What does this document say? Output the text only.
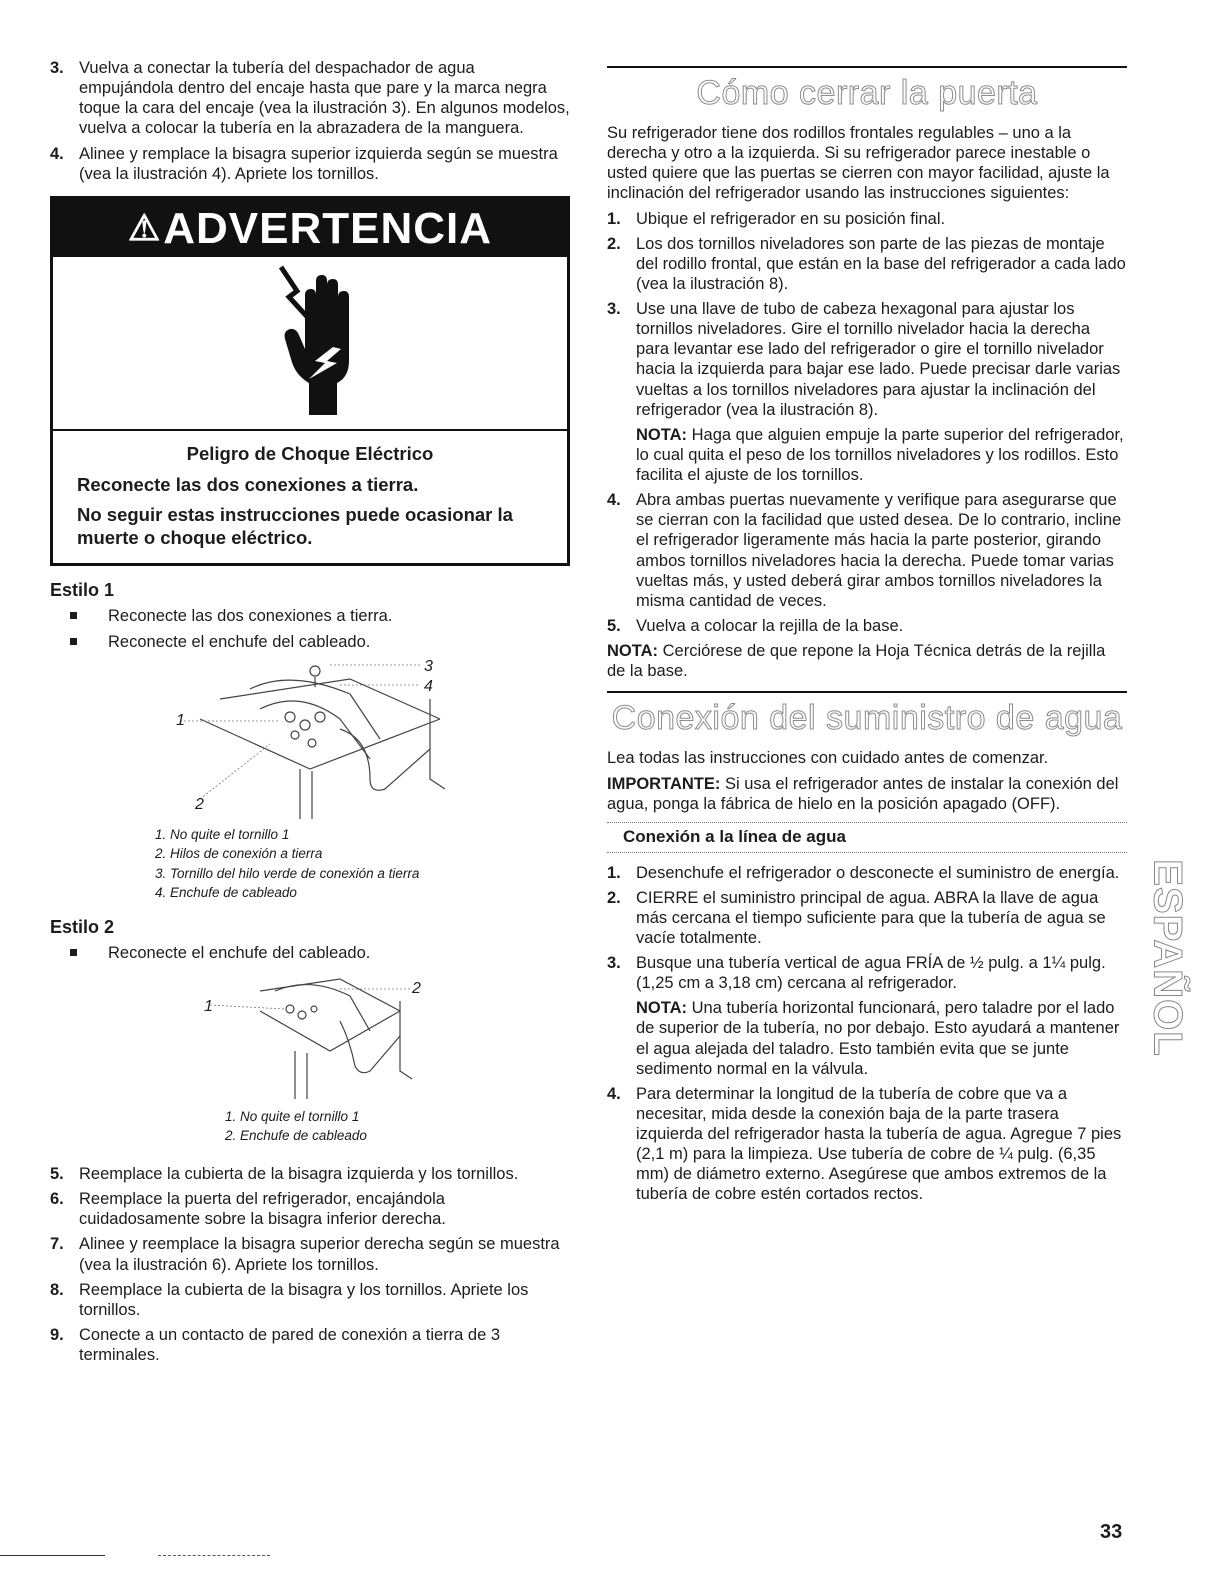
3. Vuelva a conectar la tubería del despachador de agua empujándola dentro del encaje hasta que pare y la marca negra toque la cara del encaje (vea la ilustración 3). En algunos modelos, vuelva a colocar la tubería en la abrazadera de la manguera.
4. Alinee y remplace la bisagra superior izquierda según se muestra (vea la ilustración 4). Apriete los tornillos.
⚠ADVERTENCIA
Peligro de Choque Eléctrico

Reconecte las dos conexiones a tierra.

No seguir estas instrucciones puede ocasionar la muerte o choque eléctrico.

Estilo 1
Reconecte las dos conexiones a tierra.
Reconecte el enchufe del cableado.
1
2
3
4
1. No quite el tornillo 1
2. Hilos de conexión a tierra
3. Tornillo del hilo verde de conexión a tierra
4. Enchufe de cableado
Estilo 2
Reconecte el enchufe del cableado.
1
2
1. No quite el tornillo 1
2. Enchufe de cableado
5. Reemplace la cubierta de la bisagra izquierda y los tornillos.
6. Reemplace la puerta del refrigerador, encajándola cuidadosamente sobre la bisagra inferior derecha.
7. Alinee y reemplace la bisagra superior derecha según se muestra (vea la ilustración 6). Apriete los tornillos.
8. Reemplace la cubierta de la bisagra y los tornillos. Apriete los tornillos.
9. Conecte a un contacto de pared de conexión a tierra de 3 terminales.
Cómo cerrar la puerta

Su refrigerador tiene dos rodillos frontales regulables – uno a la derecha y otro a la izquierda. Si su refrigerador parece inestable o usted quiere que las puertas se cierren con mayor facilidad, ajuste la inclinación del refrigerador usando las instrucciones siguientes:

1. Ubique el refrigerador en su posición final.
2. Los dos tornillos niveladores son parte de las piezas de montaje del rodillo frontal, que están en la base del refrigerador a cada lado (vea la ilustración 8).
3. Use una llave de tubo de cabeza hexagonal para ajustar los tornillos niveladores. Gire el tornillo nivelador hacia la derecha para levantar ese lado del refrigerador o gire el tornillo nivelador hacia la izquierda para bajar ese lado. Puede precisar darle varias vueltas a los tornillos niveladores para ajustar la inclinación del refrigerador (vea la ilustración 8).
NOTA: Haga que alguien empuje la parte superior del refrigerador, lo cual quita el peso de los tornillos niveladores y los rodillos. Esto facilita el ajuste de los tornillos.
4. Abra ambas puertas nuevamente y verifique para asegurarse que se cierran con la facilidad que usted desea. De lo contrario, incline el refrigerador ligeramente más hacia la parte posterior, girando ambos tornillos niveladores hacia la derecha. Puede tomar varias vueltas más, y usted deberá girar ambos tornillos niveladores la misma cantidad de veces.
5. Vuelva a colocar la rejilla de la base.

NOTA: Cerciórese de que repone la Hoja Técnica detrás de la rejilla de la base.

Conexión del suministro de agua

Lea todas las instrucciones con cuidado antes de comenzar.

IMPORTANTE: Si usa el refrigerador antes de instalar la conexión del agua, ponga la fábrica de hielo en la posición apagado (OFF).

Conexión a la línea de agua
1. Desenchufe el refrigerador o desconecte el suministro de energía.
2. CIERRE el suministro principal de agua. ABRA la llave de agua más cercana el tiempo suficiente para que la tubería de agua se vacíe totalmente.
3. Busque una tubería vertical de agua FRÍA de ½ pulg. a 1¼ pulg. (1,25 cm a 3,18 cm) cercana al refrigerador.
NOTA: Una tubería horizontal funcionará, pero taladre por el lado de superior de la tubería, no por debajo. Esto ayudará a mantener el agua alejada del taladro. Esto también evita que se junte sedimento normal en la válvula.
4. Para determinar la longitud de la tubería de cobre que va a necesitar, mida desde la conexión baja de la parte trasera izquierda del refrigerador hasta la tubería de agua. Agregue 7 pies (2,1 m) para la limpieza. Use tubería de cobre de ¼ pulg. (6,35 mm) de diámetro externo. Asegúrese que ambos extremos de la tubería de cobre estén cortados rectos.
ESPAÑOL
33
